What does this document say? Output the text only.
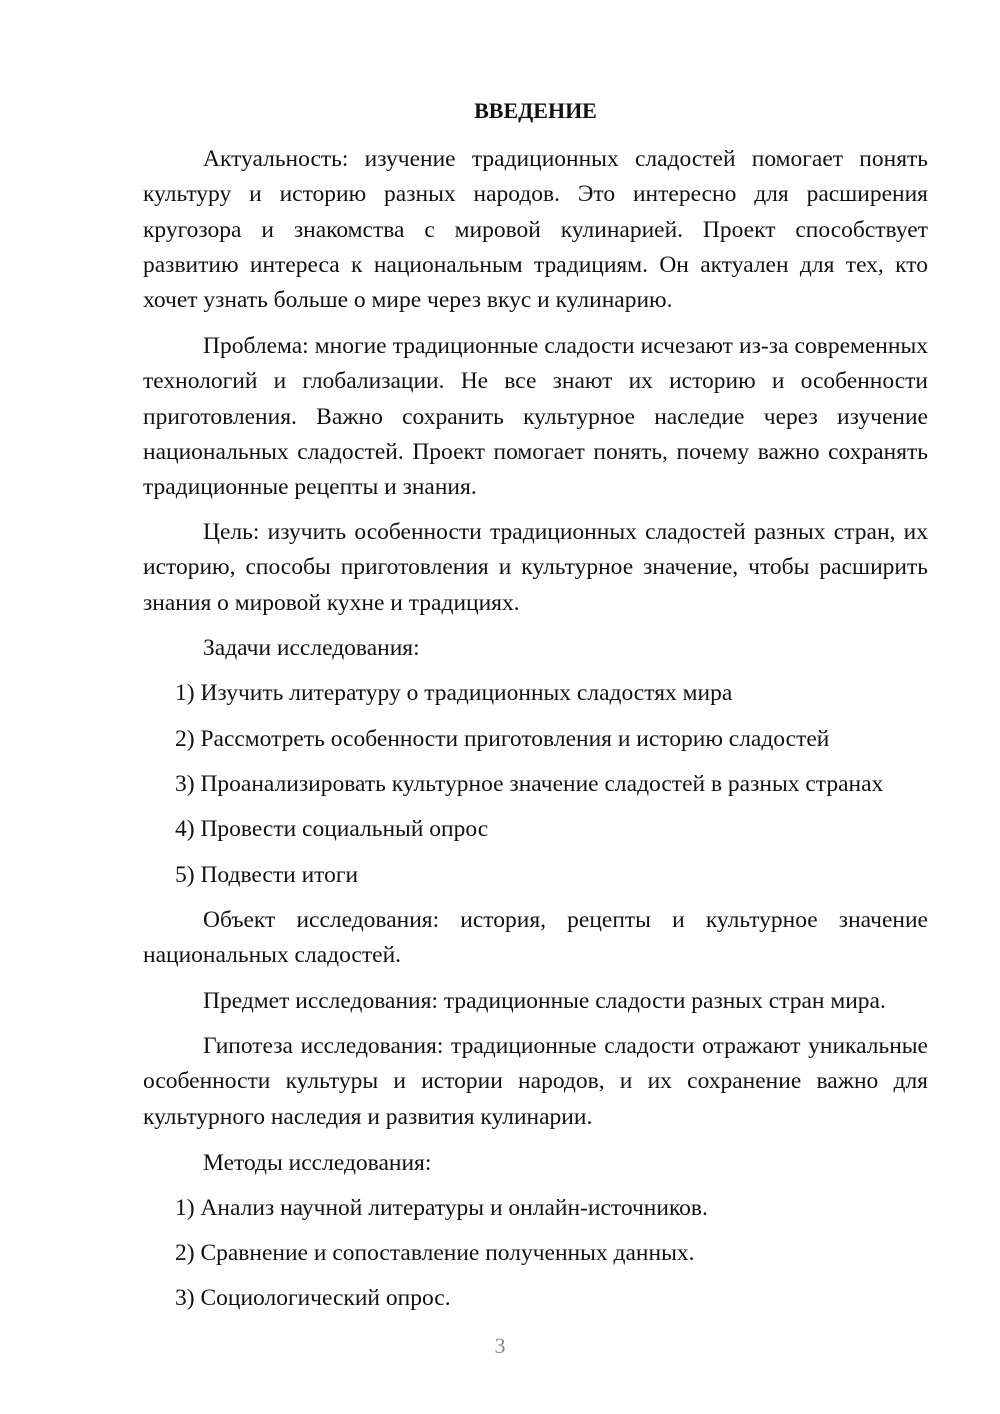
ВВЕДЕНИЕ

Актуальность: изучение традиционных сладостей помогает понять культуру и историю разных народов. Это интересно для расширения кругозора и знакомства с мировой кулинарией. Проект способствует развитию интереса к национальным традициям. Он актуален для тех, кто хочет узнать больше о мире через вкус и кулинарию.

Проблема: многие традиционные сладости исчезают из-за современных технологий и глобализации. Не все знают их историю и особенности приготовления. Важно сохранить культурное наследие через изучение национальных сладостей. Проект помогает понять, почему важно сохранять традиционные рецепты и знания.

Цель: изучить особенности традиционных сладостей разных стран, их историю, способы приготовления и культурное значение, чтобы расширить знания о мировой кухне и традициях.

Задачи исследования:

1) Изучить литературу о традиционных сладостях мира

2) Рассмотреть особенности приготовления и историю сладостей

3) Проанализировать культурное значение сладостей в разных странах

4) Провести социальный опрос

5) Подвести итоги

Объект исследования: история, рецепты и культурное значение национальных сладостей.

Предмет исследования: традиционные сладости разных стран мира.

Гипотеза исследования: традиционные сладости отражают уникальные особенности культуры и истории народов, и их сохранение важно для культурного наследия и развития кулинарии.

Методы исследования:

1) Анализ научной литературы и онлайн-источников.

2) Сравнение и сопоставление полученных данных.

3) Социологический опрос.

3
